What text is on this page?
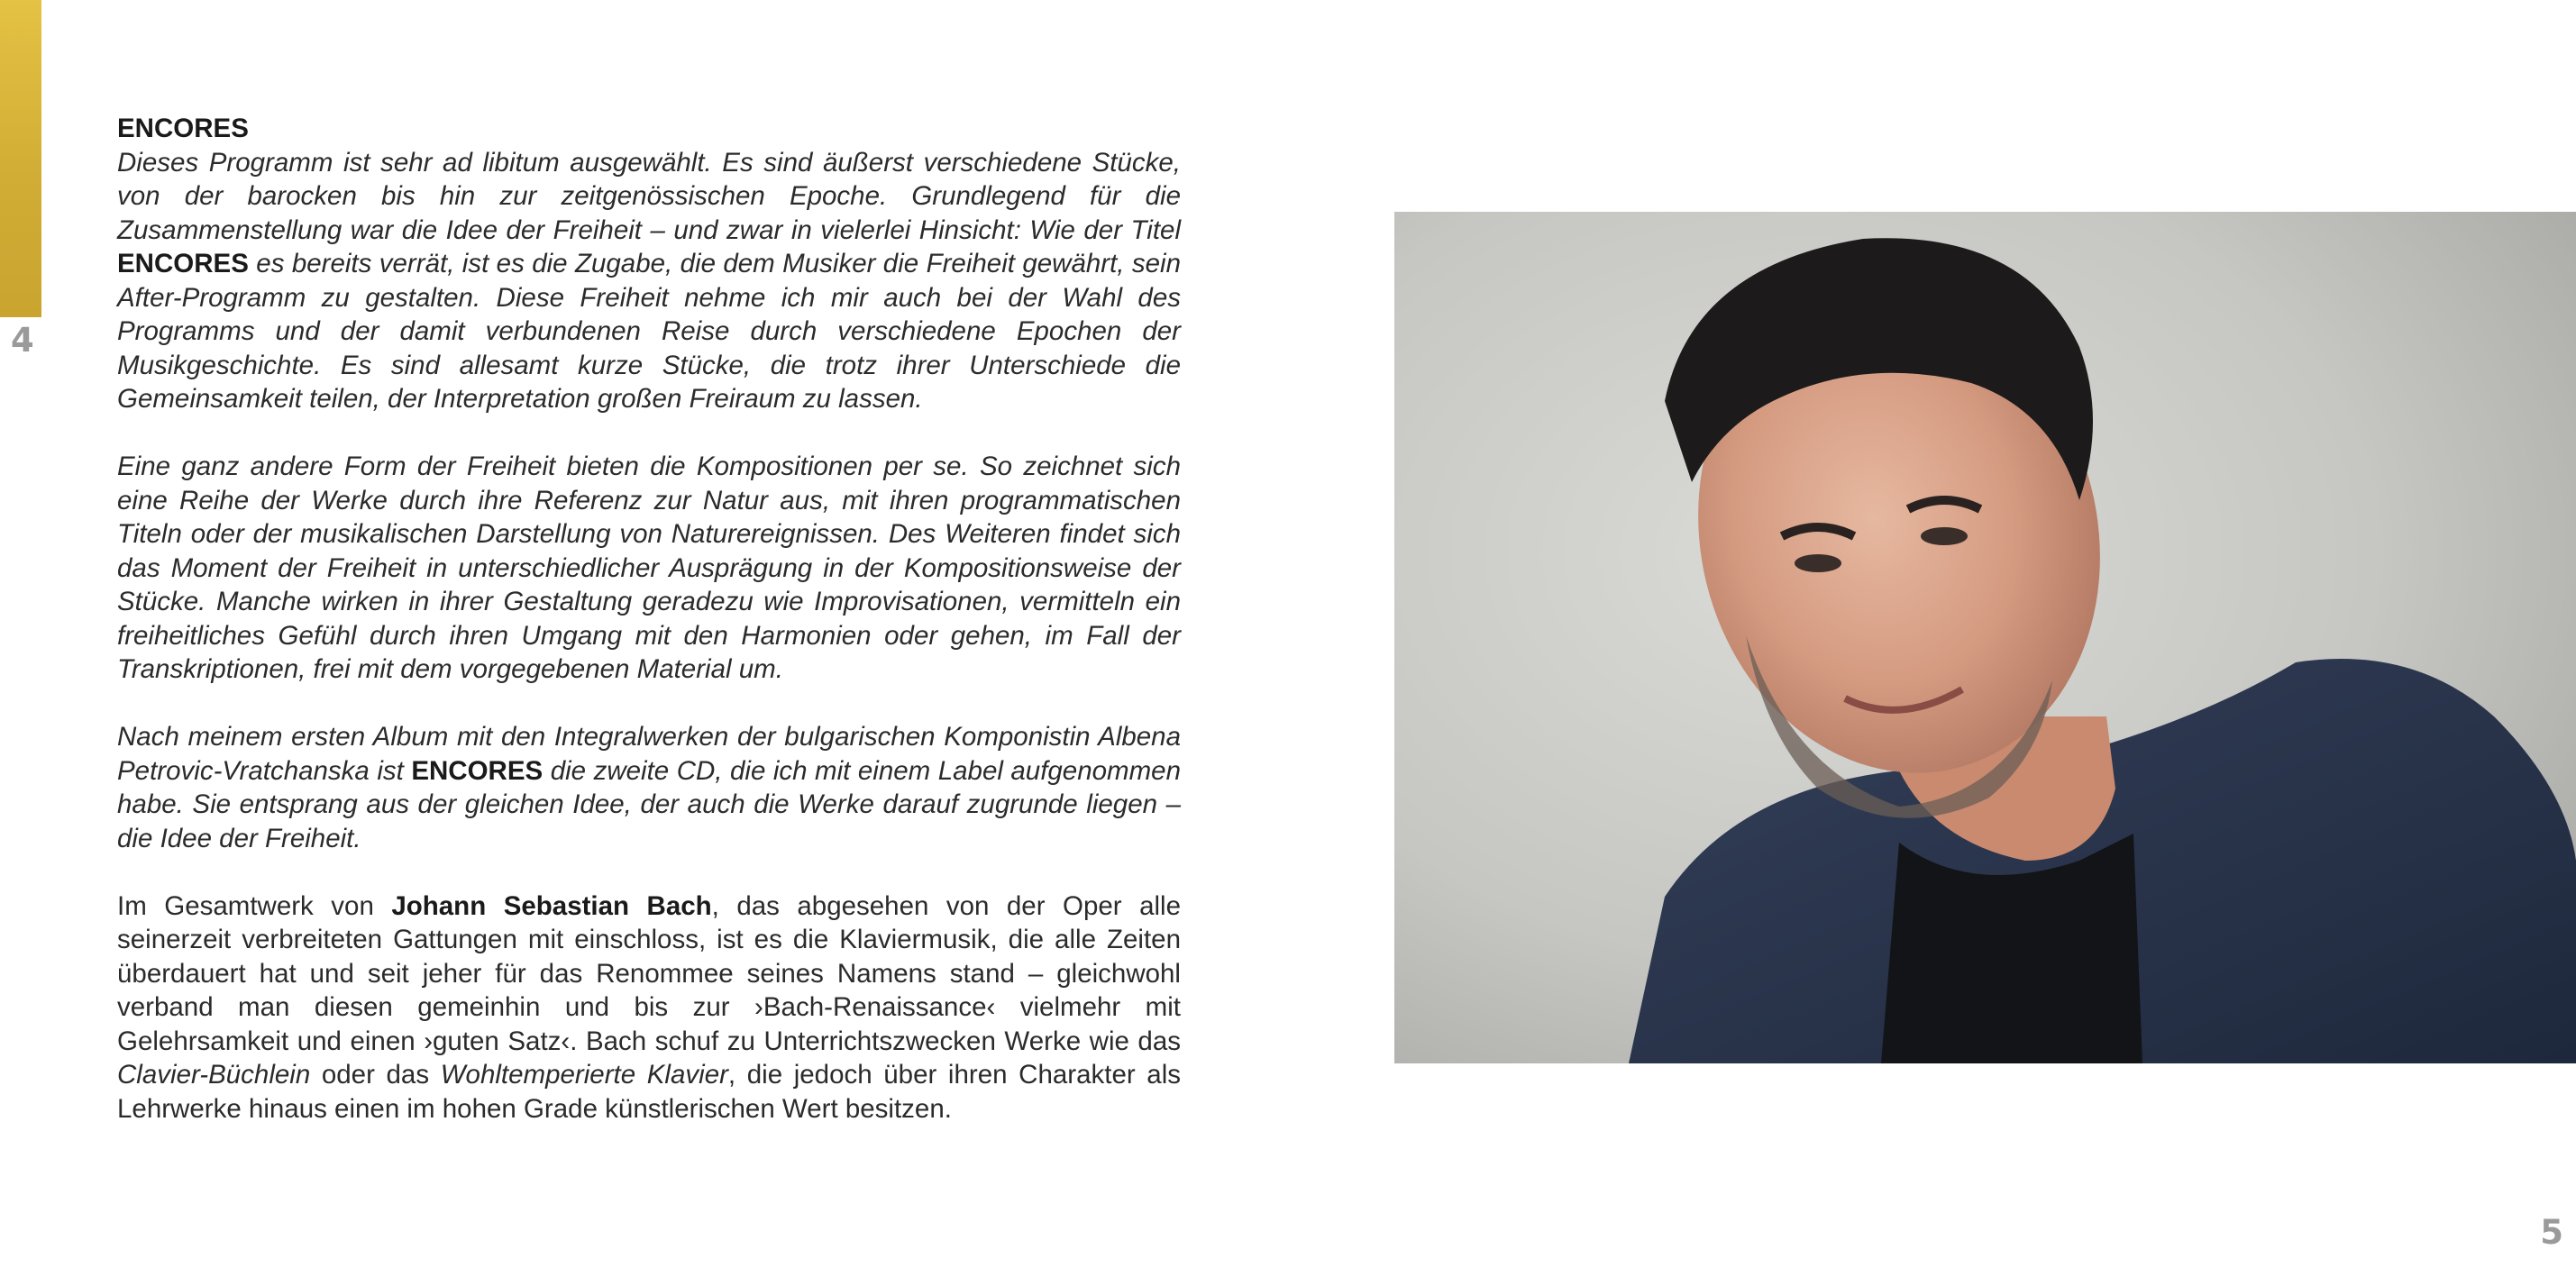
4
5

ENCORES

Dieses Programm ist sehr ad libitum ausgewählt. Es sind äußerst verschiedene Stücke, von der barocken bis hin zur zeitgenössischen Epoche. Grundlegend für die Zusammenstellung war die Idee der Freiheit – und zwar in vielerlei Hinsicht: Wie der Titel ENCORES es bereits verrät, ist es die Zugabe, die dem Musiker die Freiheit gewährt, sein After-Programm zu gestalten. Diese Freiheit nehme ich mir auch bei der Wahl des Programms und der damit verbundenen Reise durch verschiedene Epochen der Musikgeschichte. Es sind allesamt kurze Stücke, die trotz ihrer Unterschiede die Gemeinsamkeit teilen, der Interpretation großen Freiraum zu lassen.

Eine ganz andere Form der Freiheit bieten die Kompositionen per se. So zeichnet sich eine Reihe der Werke durch ihre Referenz zur Natur aus, mit ihren programmatischen Titeln oder der musikalischen Darstellung von Naturereignissen. Des Weiteren findet sich das Moment der Freiheit in unterschiedlicher Ausprägung in der Kompositionsweise der Stücke. Manche wirken in ihrer Gestaltung geradezu wie Improvisationen, vermitteln ein freiheitliches Gefühl durch ihren Umgang mit den Harmonien oder gehen, im Fall der Transkriptionen, frei mit dem vorgegebenen Material um.

Nach meinem ersten Album mit den Integralwerken der bulgarischen Komponistin Albena Petrovic-Vratchanska ist ENCORES die zweite CD, die ich mit einem Label aufgenommen habe. Sie entsprang aus der gleichen Idee, der auch die Werke darauf zugrunde liegen – die Idee der Freiheit.

Im Gesamtwerk von Johann Sebastian Bach, das abgesehen von der Oper alle seinerzeit verbreiteten Gattungen mit einschloss, ist es die Klaviermusik, die alle Zeiten überdauert hat und seit jeher für das Renommee seines Namens stand – gleichwohl verband man diesen gemeinhin und bis zur ›Bach-Renaissance‹ vielmehr mit Gelehrsamkeit und einen ›guten Satz‹. Bach schuf zu Unterrichtszwecken Werke wie das Clavier-Büchlein oder das Wohltemperierte Klavier, die jedoch über ihren Charakter als Lehrwerke hinaus einen im hohen Grade künstlerischen Wert besitzen.
